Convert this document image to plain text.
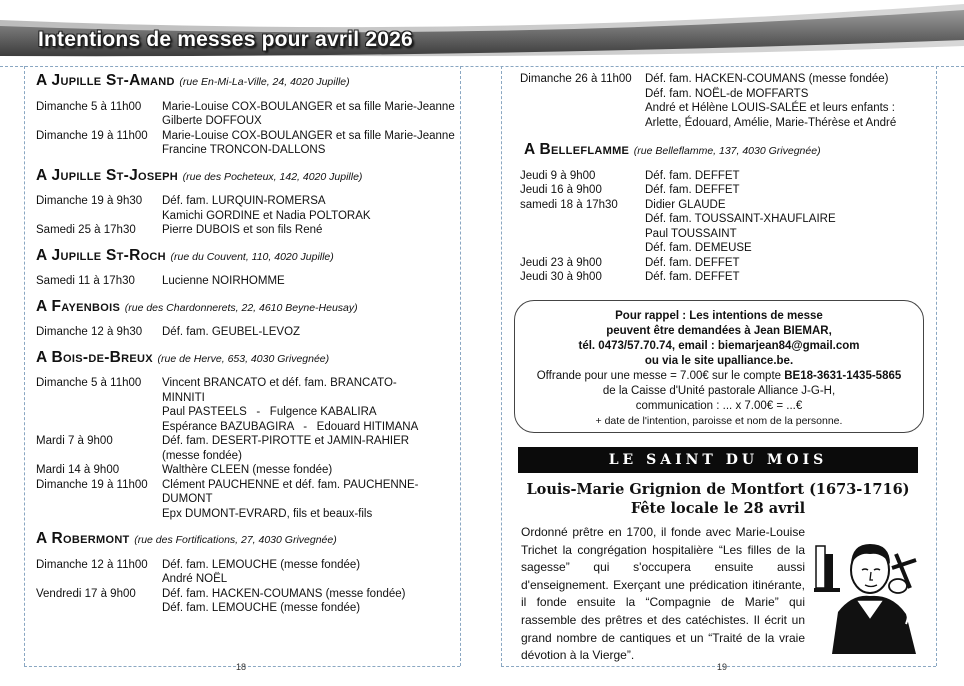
Intentions de messes pour avril 2026
A Jupille St-Amand (rue En-Mi-La-Ville, 24, 4020 Jupille)
Dimanche 5 à 11h00	Marie-Louise COX-BOULANGER et sa fille Marie-Jeanne
Gilberte DOFFOUX
Dimanche 19 à 11h00	Marie-Louise COX-BOULANGER et sa fille Marie-Jeanne
Francine TRONCON-DALLONS
A Jupille St-Joseph (rue des Pocheteux, 142, 4020 Jupille)
Dimanche 19 à 9h30	Déf. fam. LURQUIN-ROMERSA
Kamichi GORDINE et Nadia POLTORAK
Samedi 25 à 17h30	Pierre DUBOIS et son fils René
A Jupille St-Roch (rue du Couvent, 110, 4020 Jupille)
Samedi 11 à 17h30	Lucienne NOIRHOMME
A Fayenbois (rue des Chardonnerets, 22, 4610 Beyne-Heusay)
Dimanche 12 à 9h30	Déf. fam. GEUBEL-LEVOZ
A Bois-de-Breux (rue de Herve, 653, 4030 Grivegnée)
Dimanche 5 à 11h00	Vincent BRANCATO et déf. fam. BRANCATO-
MINNITI
Paul PASTEELS   -   Fulgence KABALIRA
Espérance BAZUBAGIRA   -   Edouard HITIMANA
Mardi 7 à 9h00	Déf. fam. DESERT-PIROTTE et JAMIN-RAHIER
(messe fondée)
Mardi 14 à 9h00	Walthère CLEEN (messe fondée)
Dimanche 19 à 11h00	Clément PAUCHENNE et déf. fam. PAUCHENNE-
DUMONT
Epx DUMONT-EVRARD, fils et beaux-fils
A Robermont (rue des Fortifications, 27, 4030 Grivegnée)
Dimanche 12 à 11h00	Déf. fam. LEMOUCHE (messe fondée)
André NOËL
Vendredi 17 à 9h00	Déf. fam. HACKEN-COUMANS (messe fondée)
Déf. fam. LEMOUCHE (messe fondée)
18
Dimanche 26 à 11h00	Déf. fam. HACKEN-COUMANS (messe fondée)
Déf. fam. NOËL-de MOFFARTS
André et Hélène LOUIS-SALÉE et leurs enfants :
Arlette, Édouard, Amélie, Marie-Thérèse et André
A Belleflamme (rue Belleflamme, 137, 4030 Grivegnée)
Jeudi 9 à 9h00	Déf. fam. DEFFET
Jeudi 16 à 9h00	Déf. fam. DEFFET
samedi 18 à 17h30	Didier GLAUDE
Déf. fam. TOUSSAINT-XHAUFLAIRE
Paul TOUSSAINT
Déf. fam. DEMEUSE
Jeudi 23 à 9h00	Déf. fam. DEFFET
Jeudi 30 à 9h00	Déf. fam. DEFFET
Pour rappel : Les intentions de messe
peuvent être demandées à Jean BIEMAR,
tél. 0473/57.70.74, email : biemarjean84@gmail.com
ou via le site upalliance.be.
Offrande pour une messe = 7.00€ sur le compte BE18-3631-1435-5865
de la Caisse d'Unité pastorale Alliance J-G-H,
communication : ... x 7.00€ = ...€
+ date de l'intention, paroisse et nom de la personne.
LE SAINT DU MOIS
Louis-Marie Grignion de Montfort (1673-1716)
Fête locale le 28 avril
Ordonné prêtre en 1700, il fonde avec Marie-Louise Trichet la congrégation hospitalière “Les filles de la sagesse” qui s'occupera ensuite aussi d'enseignement. Exerçant une prédication itinérante, il fonde ensuite la “Compagnie de Marie” qui rassemble des prêtres et des catéchistes. Il écrit un grand nombre de cantiques et un “Traité de la vraie dévotion à la Vierge”.
19
